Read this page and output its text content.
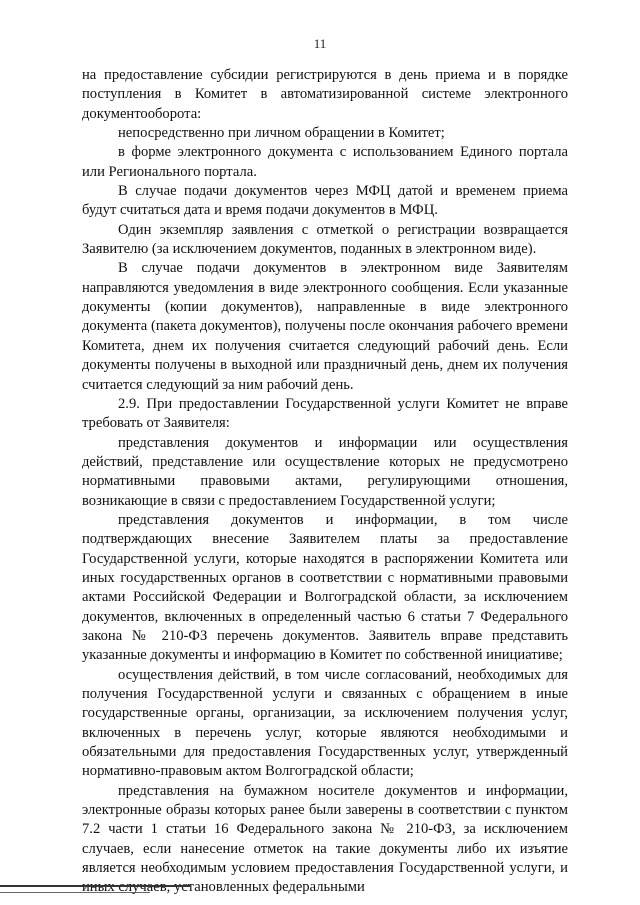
11

на предоставление субсидии регистрируются в день приема и в порядке поступления в Комитет в автоматизированной системе электронного документооборота:

непосредственно при личном обращении в Комитет;

в форме электронного документа с использованием Единого портала или Регионального портала.

В случае подачи документов через МФЦ датой и временем приема будут считаться дата и время подачи документов в МФЦ.

Один экземпляр заявления с отметкой о регистрации возвращается Заявителю (за исключением документов, поданных в электронном виде).

В случае подачи документов в электронном виде Заявителям направляются уведомления в виде электронного сообщения. Если указанные документы (копии документов), направленные в виде электронного документа (пакета документов), получены после окончания рабочего времени Комитета, днем их получения считается следующий рабочий день. Если документы получены в выходной или праздничный день, днем их получения считается следующий за ним рабочий день.

2.9. При предоставлении Государственной услуги Комитет не вправе требовать от Заявителя:

представления документов и информации или осуществления действий, представление или осуществление которых не предусмотрено нормативными правовыми актами, регулирующими отношения, возникающие в связи с предоставлением Государственной услуги;

представления документов и информации, в том числе подтверждающих внесение Заявителем платы за предоставление Государственной услуги, которые находятся в распоряжении Комитета или иных государственных органов в соответствии с нормативными правовыми актами Российской Федерации и Волгоградской области, за исключением документов, включенных в определенный частью 6 статьи 7 Федерального закона № 210-ФЗ перечень документов. Заявитель вправе представить указанные документы и информацию в Комитет по собственной инициативе;

осуществления действий, в том числе согласований, необходимых для получения Государственной услуги и связанных с обращением в иные государственные органы, организации, за исключением получения услуг, включенных в перечень услуг, которые являются необходимыми и обязательными для предоставления Государственных услуг, утвержденный нормативно-правовым актом Волгоградской области;

представления на бумажном носителе документов и информации, электронные образы которых ранее были заверены в соответствии с пунктом 7.2 части 1 статьи 16 Федерального закона № 210-ФЗ, за исключением случаев, если нанесение отметок на такие документы либо их изъятие является необходимым условием предоставления Государственной услуги, и иных случаев, установленных федеральными
